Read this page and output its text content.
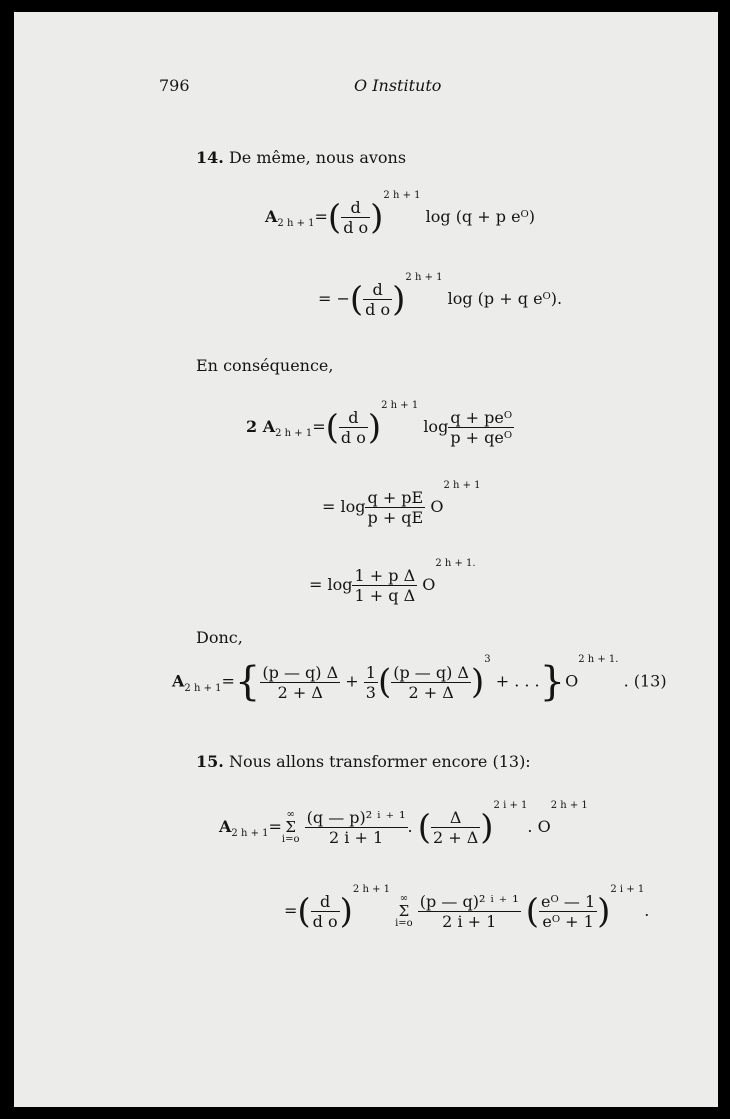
796	O Instituto
14. De même, nous avons
$A_{2 h + 1}=( \frac{d}{\text{d o}} )^{2 h + 1}$ log (q + p eᴼ)
= −( $\frac{d}{\text{d o}} )^{2 h + 1}$ log (p + q eᴼ).
En conséquence,
2 $A_{2 h + 1}=( \frac{d}{\text{d o}} )^{2 h + 1}$ $\log \frac{\text{q + peᴼ}}{\text{p + qeᴼ}}$
= $\log \frac{q + pE}{p + qE} O^{2 h + 1}$
= $\log \frac{\text{1 + p Δ}}{\text{1 + q Δ}} O^{2 h + 1.}$
Donc,
$A_{2 h + 1}=\{ \frac{(p — q) \Delta}{2 + \Delta} + \frac{1}{3}$ ( $\frac{(p — q) \Delta}{2 + \Delta} )^3$ + . . $.\}O^{2 h + 1.}$ . (13)
15. Nous allons transformer encore (13):
$A_{2 h + 1}=\infty$
Σ
$i=o \frac{\text{(q — p)² ⁱ ⁺ ¹}}{2 i + 1}$ . ( $\frac{\Delta}{2 + \Delta} )^{2 i + 1}$. $O^{2 h + 1}$
=( $\frac{d}{\text{d o}} )^{2 h + 1}$ ∞
Σ
$i=o \frac{\text{(p — q)² ⁱ ⁺ ¹}}{2 i + 1}$ ( $\frac{\text{eᴼ — 1}}{\text{eᴼ + 1}} )^{2 i + 1}$.
